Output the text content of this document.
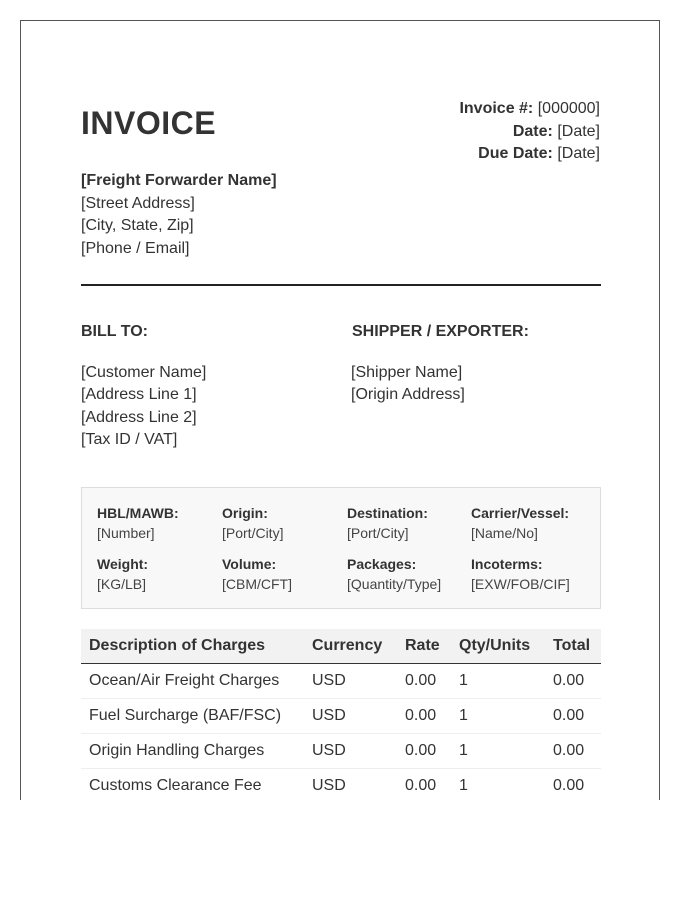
INVOICE	Invoice #: [000000]
Date: [Date]
Due Date: [Date]
[Freight Forwarder Name]
[Street Address]
[City, State, Zip]
[Phone / Email]
BILL TO:	SHIPPER / EXPORTER:
[Customer Name]
[Address Line 1]
[Address Line 2]
[Tax ID / VAT]
[Shipper Name]
[Origin Address]
HBL/MAWB:
[Number]
Origin:
[Port/City]
Destination:
[Port/City]
Carrier/Vessel:
[Name/No]
Weight:
[KG/LB]
Volume:
[CBM/CFT]
Packages:
[Quantity/Type]
Incoterms:
[EXW/FOB/CIF]
Description of Charges	Currency	Rate	Qty/Units	Total
Ocean/Air Freight Charges	USD	0.00	1	0.00
Fuel Surcharge (BAF/FSC)	USD	0.00	1	0.00
Origin Handling Charges	USD	0.00	1	0.00
Customs Clearance Fee	USD	0.00	1	0.00
